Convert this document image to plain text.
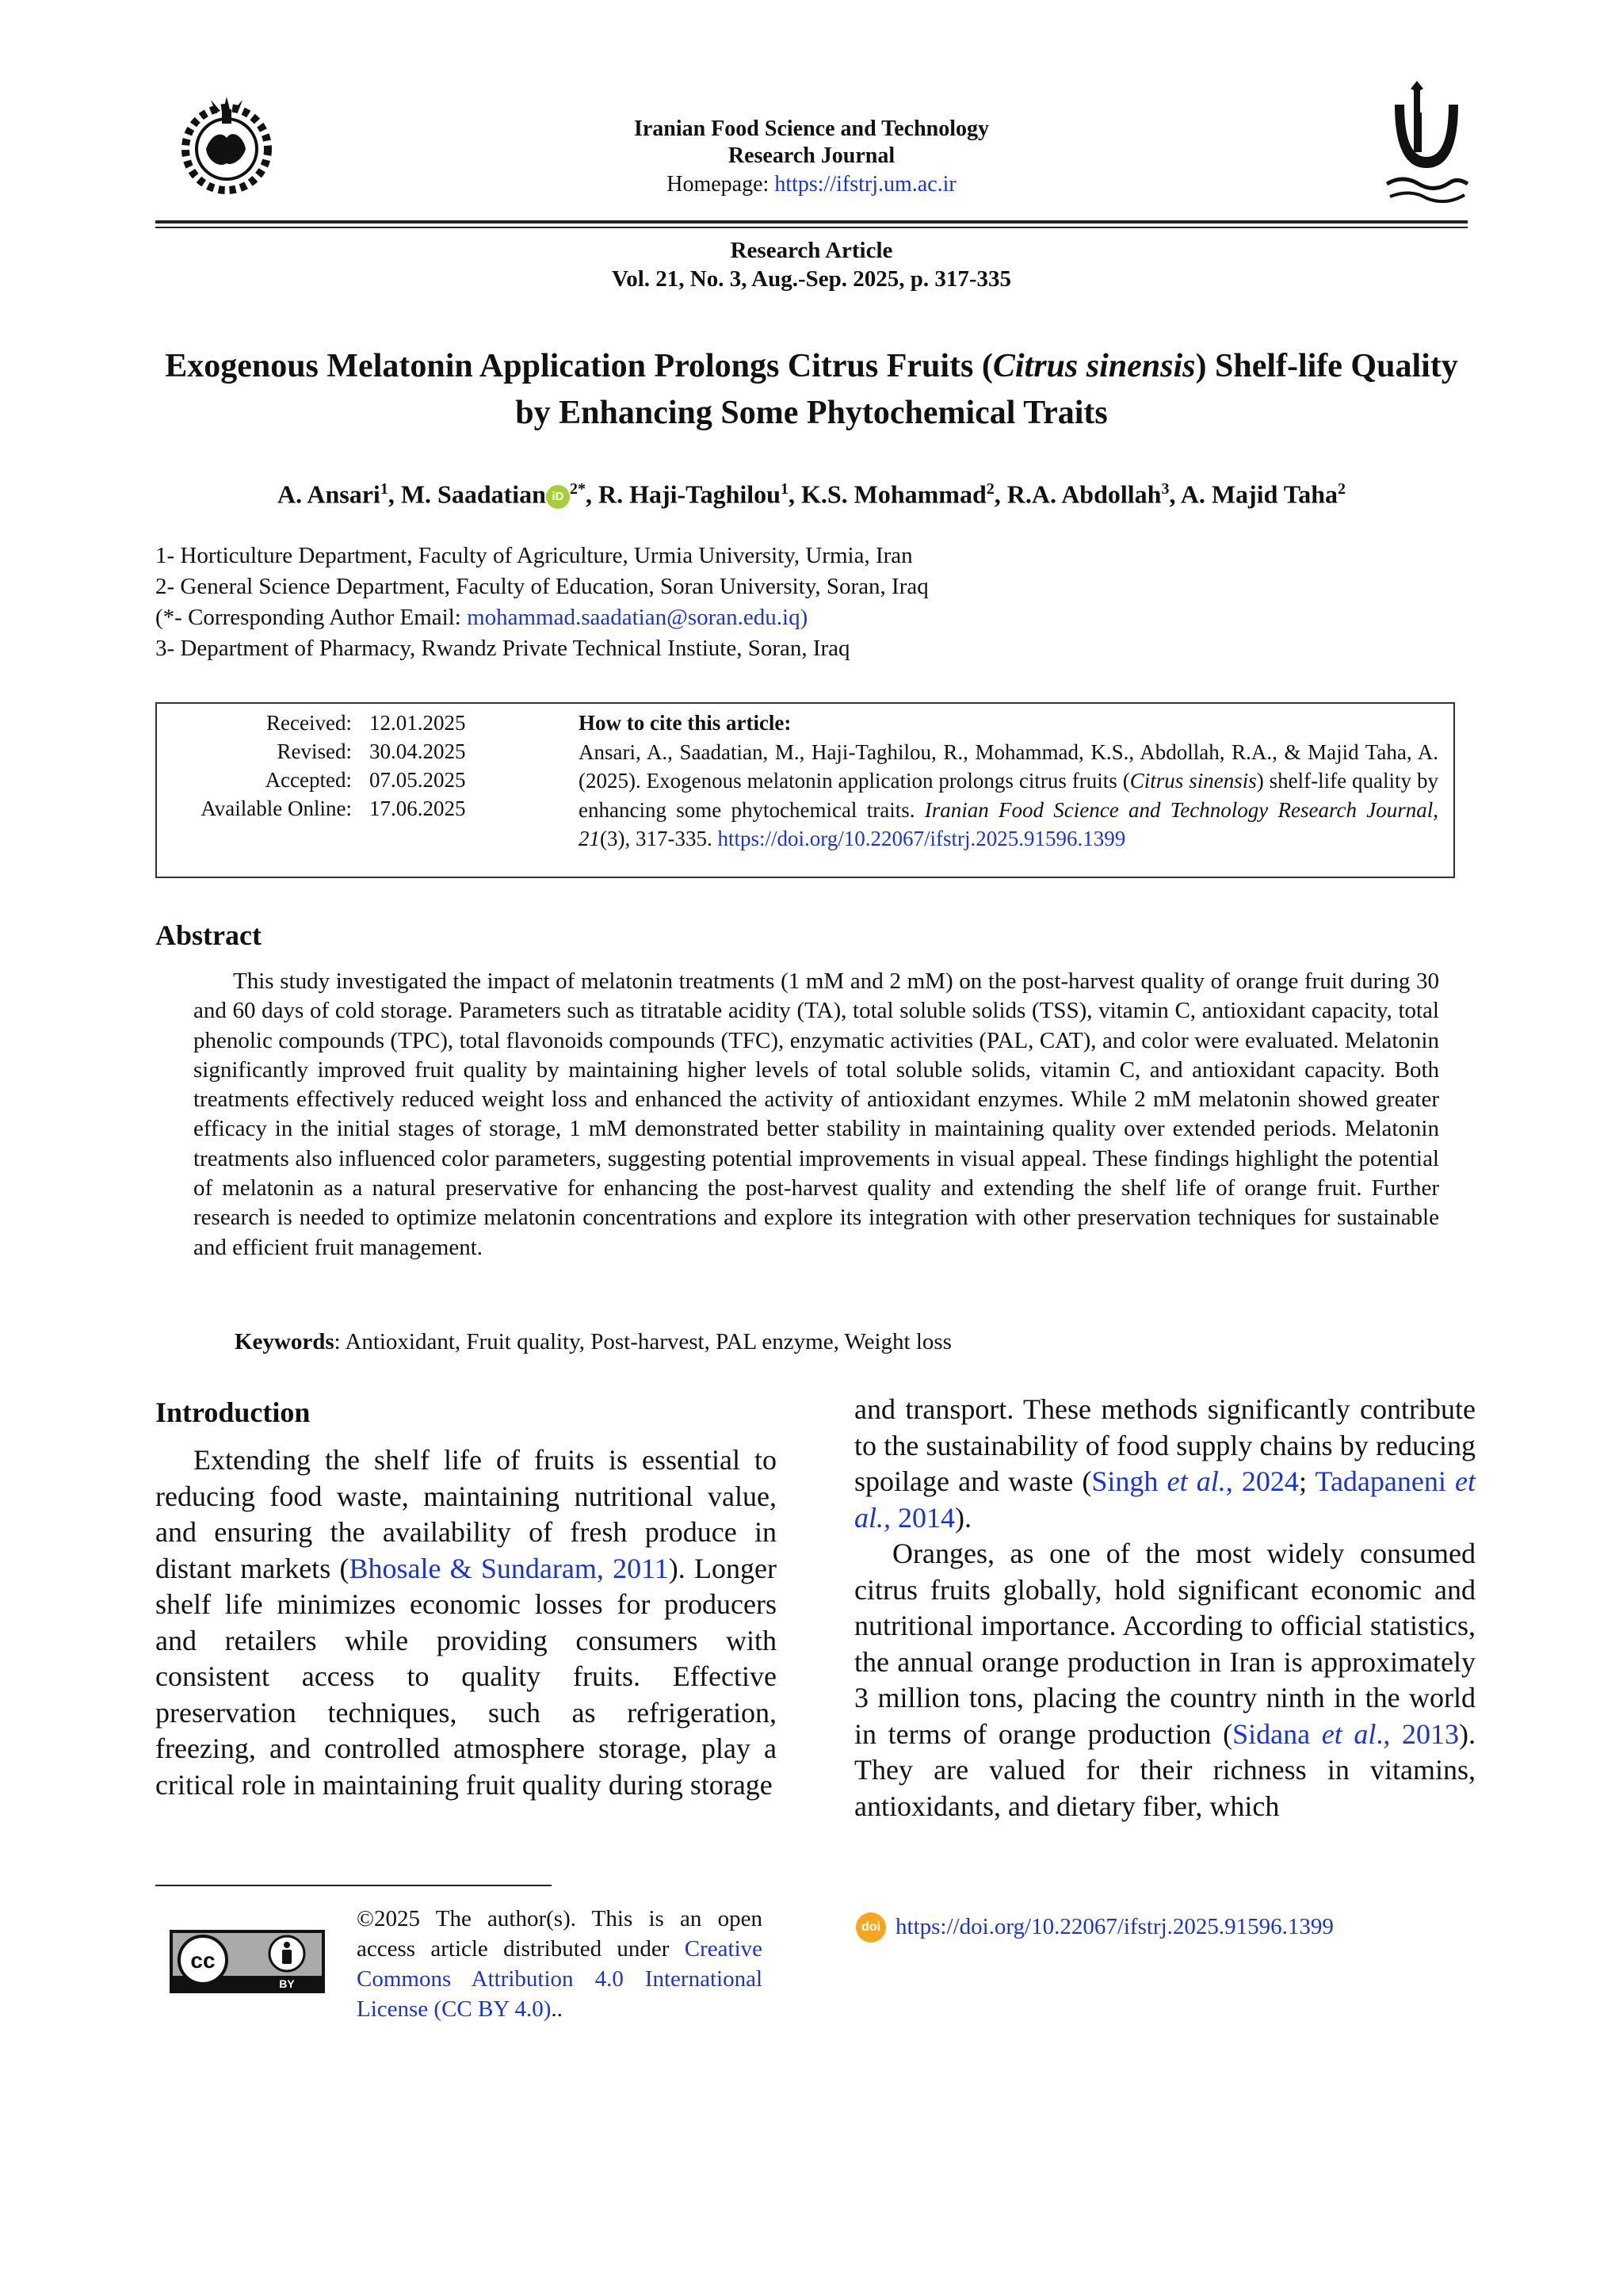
Iranian Food Science and Technology
Research Journal
Homepage: https://ifstrj.um.ac.ir
Research Article
Vol. 21, No. 3, Aug.-Sep. 2025, p. 317-335
Exogenous Melatonin Application Prolongs Citrus Fruits (Citrus sinensis) Shelf-life Quality by Enhancing Some Phytochemical Traits
A. Ansari$^1$, M. Saadatian iD $^{2*}$, R. Haji-Taghilou$^1$, K.S. Mohammad$^2$, R.A. Abdollah$^3$, A. Majid Taha$^2$
1- Horticulture Department, Faculty of Agriculture, Urmia University, Urmia, Iran
2- General Science Department, Faculty of Education, Soran University, Soran, Iraq
(*- Corresponding Author Email: mohammad.saadatian@soran.edu.iq)
3- Department of Pharmacy, Rwandz Private Technical Instiute, Soran, Iraq
Received: 12.01.2025
Revised: 30.04.2025
Accepted: 07.05.2025
Available Online: 17.06.2025
How to cite this article:
Ansari, A., Saadatian, M., Haji-Taghilou, R., Mohammad, K.S., Abdollah, R.A., & Majid Taha, A. (2025). Exogenous melatonin application prolongs citrus fruits (Citrus sinensis) shelf-life quality by enhancing some phytochemical traits. Iranian Food Science and Technology Research Journal, 21(3), 317-335. https://doi.org/10.22067/ifstrj.2025.91596.1399
Abstract
This study investigated the impact of melatonin treatments (1 mM and 2 mM) on the post-harvest quality of orange fruit during 30 and 60 days of cold storage. Parameters such as titratable acidity (TA), total soluble solids (TSS), vitamin C, antioxidant capacity, total phenolic compounds (TPC), total flavonoids compounds (TFC), enzymatic activities (PAL, CAT), and color were evaluated. Melatonin significantly improved fruit quality by maintaining higher levels of total soluble solids, vitamin C, and antioxidant capacity. Both treatments effectively reduced weight loss and enhanced the activity of antioxidant enzymes. While 2 mM melatonin showed greater efficacy in the initial stages of storage, 1 mM demonstrated better stability in maintaining quality over extended periods. Melatonin treatments also influenced color parameters, suggesting potential improvements in visual appeal. These findings highlight the potential of melatonin as a natural preservative for enhancing the post-harvest quality and extending the shelf life of orange fruit. Further research is needed to optimize melatonin concentrations and explore its integration with other preservation techniques for sustainable and efficient fruit management.
Keywords: Antioxidant, Fruit quality, Post-harvest, PAL enzyme, Weight loss
Introduction
Extending the shelf life of fruits is essential to reducing food waste, maintaining nutritional value, and ensuring the availability of fresh produce in distant markets (Bhosale & Sundaram, 2011). Longer shelf life minimizes economic losses for producers and retailers while providing consumers with consistent access to quality fruits. Effective preservation techniques, such as refrigeration, freezing, and controlled atmosphere storage, play a critical role in maintaining fruit quality during storage
and transport. These methods significantly contribute to the sustainability of food supply chains by reducing spoilage and waste (Singh et al., 2024; Tadapaneni et al., 2014).
Oranges, as one of the most widely consumed citrus fruits globally, hold significant economic and nutritional importance. According to official statistics, the annual orange production in Iran is approximately 3 million tons, placing the country ninth in the world in terms of orange production (Sidana et al., 2013). They are valued for their richness in vitamins, antioxidants, and dietary fiber, which
cc
BY
©2025 The author(s). This is an open access article distributed under Creative Commons Attribution 4.0 International License (CC BY 4.0)..
doi https://doi.org/10.22067/ifstrj.2025.91596.1399
